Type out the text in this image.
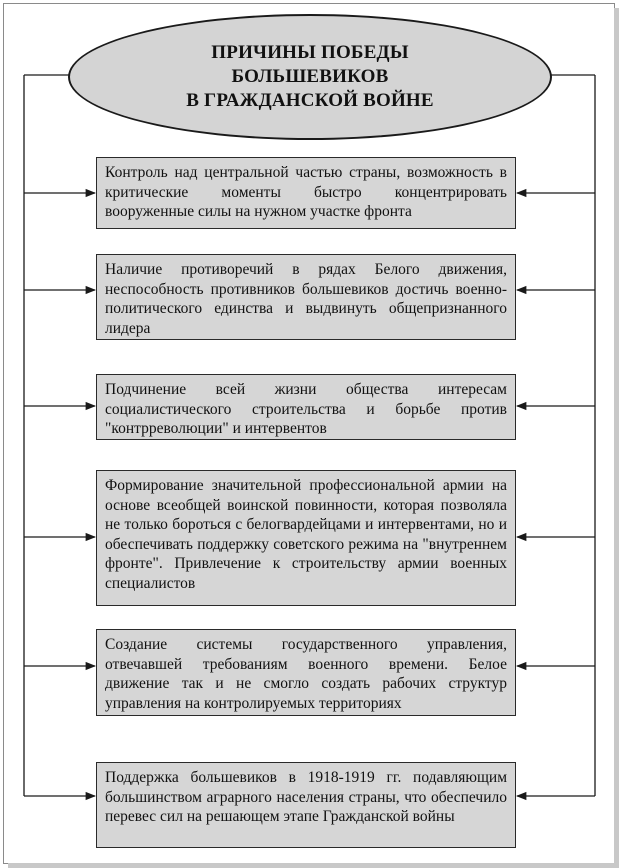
ПРИЧИНЫ ПОБЕДЫ
БОЛЬШЕВИКОВ
В ГРАЖДАНСКОЙ ВОЙНЕ
Контроль над центральной частью страны, возможность в критические моменты быстро концентрировать вооруженные силы на нужном участке фронта
Наличие противоречий в рядах Белого движения, неспособность противников большевиков достичь военно-политического единства и выдвинуть общепризнанного лидера
Подчинение всей жизни общества интересам социалистического строительства и борьбе против "контрреволюции" и интервентов
Формирование значительной профессиональной армии на основе всеобщей воинской повинности, которая позволяла не только бороться с белогвардейцами и интервентами, но и обеспечивать поддержку советского режима на "внутреннем фронте". Привлечение к строительству армии военных специалистов
Создание системы государственного управления, отвечавшей требованиям военного времени. Белое движение так и не смогло создать рабочих структур управления на контролируемых территориях
Поддержка большевиков в 1918-1919 гг. подавляющим большинством аграрного населения страны, что обеспечило перевес сил на решающем этапе Гражданской войны
